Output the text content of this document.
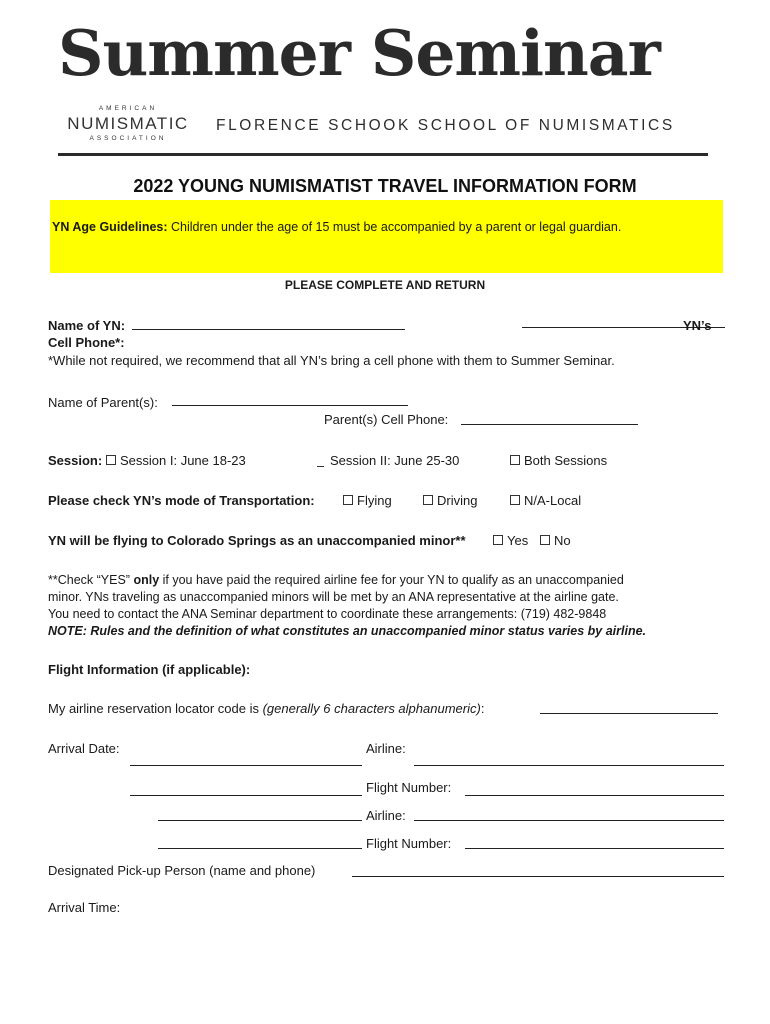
Summer Seminar
AMERICAN
NUMISMATIC
ASSOCIATION
FLORENCE SCHOOK SCHOOL OF NUMISMATICS
2022 YOUNG NUMISMATIST TRAVEL INFORMATION FORM
YN Age Guidelines: Children under the age of 15 must be accompanied by a parent or legal guardian.
PLEASE COMPLETE AND RETURN
Name of YN:	YN’s
Cell Phone*:
*While not required, we recommend that all YN’s bring a cell phone with them to Summer Seminar.
Name of Parent(s):
Parent(s) Cell Phone:
Session:	Session I: June 18-23	Session II: June 25-30	Both Sessions
Please check YN’s mode of Transportation:	Flying	Driving	N/A-Local
YN will be flying to Colorado Springs as an unaccompanied minor**	Yes	No

**Check “YES” only if you have paid the required airline fee for your YN to qualify as an unaccompanied

minor. YNs traveling as unaccompanied minors will be met by an ANA representative at the airline gate.

You need to contact the ANA Seminar department to coordinate these arrangements: (719) 482-9848

NOTE: Rules and the definition of what constitutes an unaccompanied minor status varies by airline.

Flight Information (if applicable):
My airline reservation locator code is (generally 6 characters alphanumeric):
Arrival Date:	Airline:
Flight Number:
Airline:
Flight Number:
Designated Pick-up Person (name and phone)
Arrival Time:
